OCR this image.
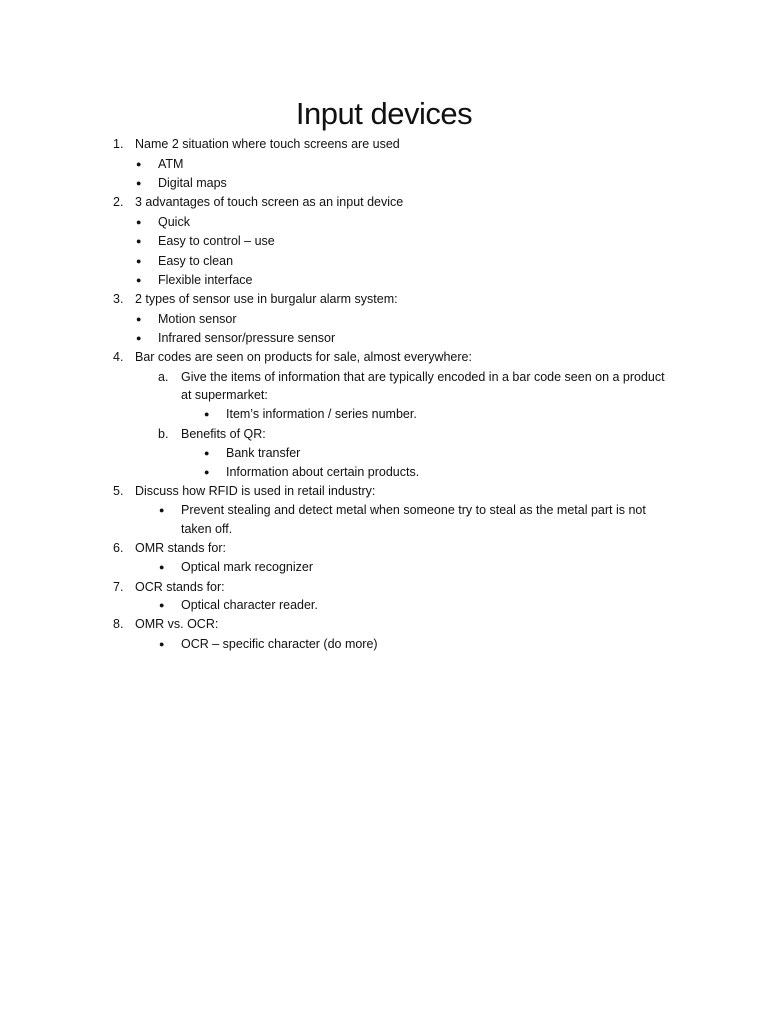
Input devices
1. Name 2 situation where touch screens are used
● ATM
● Digital maps
2. 3 advantages of touch screen as an input device
● Quick
● Easy to control – use
● Easy to clean
● Flexible interface
3. 2 types of sensor use in burgalur alarm system:
● Motion sensor
● Infrared sensor/pressure sensor
4. Bar codes are seen on products for sale, almost everywhere:
a. Give the items of information that are typically encoded in a bar code seen on a product
at supermarket:
● Item’s information / series number.
b. Benefits of QR:
● Bank transfer
● Information about certain products.
5. Discuss how RFID is used in retail industry:
● Prevent stealing and detect metal when someone try to steal as the metal part is not
taken off.
6. OMR stands for:
● Optical mark recognizer
7. OCR stands for:
● Optical character reader.
8. OMR vs. OCR:
● OCR – specific character (do more)
